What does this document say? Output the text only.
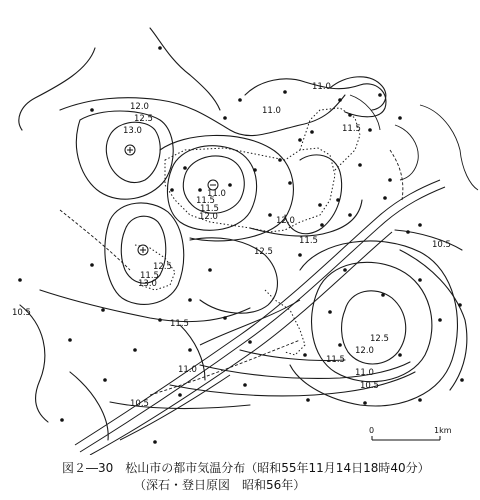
11.0
11.0
11.5
12.0
12.5
13.0
11.5
11.0
11.5
12.0	12.0
11.5
12.5
10.5
12.5
11.5
13.0
10.5
11.5
12.5
12.0
11.5
11.0
10.5
10.5
11.0
0	1km
図２―30　松山市の都市気温分布（昭和55年11月14日18時40分）
（深石・登日原図　昭和56年）
